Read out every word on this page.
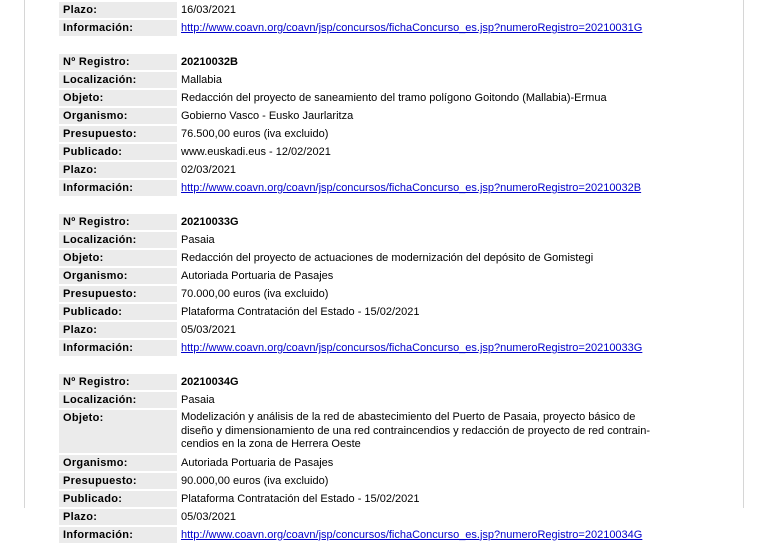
Plazo:	16/03/2021
Información:	http://www.coavn.org/coavn/jsp/concursos/fichaConcurso_es.jsp?numeroRegistro=20210031G
Nº Registro:	20210032B
Localización:	Mallabia
Objeto:	Redacción del proyecto de saneamiento del tramo polígono Goitondo (Mallabia)-Ermua
Organismo:	Gobierno Vasco - Eusko Jaurlaritza
Presupuesto:	76.500,00 euros (iva excluido)
Publicado:	www.euskadi.eus - 12/02/2021
Plazo:	02/03/2021
Información:	http://www.coavn.org/coavn/jsp/concursos/fichaConcurso_es.jsp?numeroRegistro=20210032B
Nº Registro:	20210033G
Localización:	Pasaia
Objeto:	Redacción del proyecto de actuaciones de modernización del depósito de Gomistegi
Organismo:	Autoriada Portuaria de Pasajes
Presupuesto:	70.000,00 euros (iva excluido)
Publicado:	Plataforma Contratación del Estado - 15/02/2021
Plazo:	05/03/2021
Información:	http://www.coavn.org/coavn/jsp/concursos/fichaConcurso_es.jsp?numeroRegistro=20210033G
Nº Registro:	20210034G
Localización:	Pasaia
Objeto:	Modelización y análisis de la red de abastecimiento del Puerto de Pasaia, proyecto básico de
diseño y dimensionamiento de una red contraincendios y redacción de proyecto de red contrain-
cendios en la zona de Herrera Oeste
Organismo:	Autoriada Portuaria de Pasajes
Presupuesto:	90.000,00 euros (iva excluido)
Publicado:	Plataforma Contratación del Estado - 15/02/2021
Plazo:	05/03/2021
Información:	http://www.coavn.org/coavn/jsp/concursos/fichaConcurso_es.jsp?numeroRegistro=20210034G
